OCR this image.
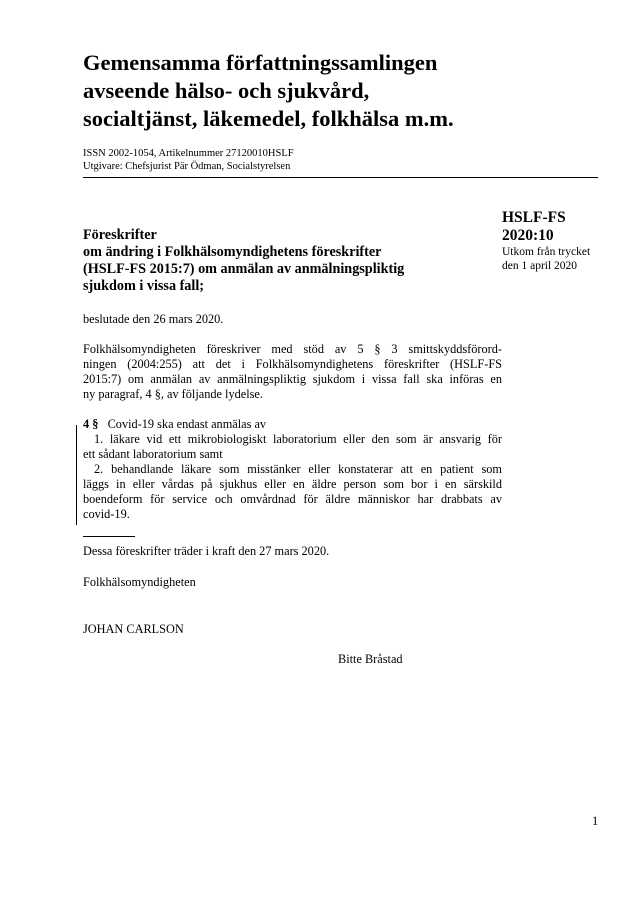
Gemensamma författningssamlingen
avseende hälso- och sjukvård,
socialtjänst, läkemedel, folkhälsa m.m.
ISSN 2002-1054, Artikelnummer 27120010HSLF
Utgivare: Chefsjurist Pär Ödman, Socialstyrelsen
HSLF-FS
2020:10
Utkom från trycket
den 1 april 2020
Föreskrifter
om ändring i Folkhälsomyndighetens föreskrifter
(HSLF-FS 2015:7) om anmälan av anmälningspliktig
sjukdom i vissa fall;
beslutade den 26 mars 2020.
Folkhälsomyndigheten föreskriver med stöd av 5 § 3 smittskyddsförord-
ningen (2004:255) att det i Folkhälsomyndighetens föreskrifter (HSLF-FS
2015:7) om anmälan av anmälningspliktig sjukdom i vissa fall ska införas en
ny paragraf, 4 §, av följande lydelse.
4 § Covid-19 ska endast anmälas av
1. läkare vid ett mikrobiologiskt laboratorium eller den som är ansvarig för
ett sådant laboratorium samt
2. behandlande läkare som misstänker eller konstaterar att en patient som
läggs in eller vårdas på sjukhus eller en äldre person som bor i en särskild
boendeform för service och omvårdnad för äldre människor har drabbats av
covid-19.
Dessa föreskrifter träder i kraft den 27 mars 2020.
Folkhälsomyndigheten
JOHAN CARLSON
Bitte Bråstad
1
